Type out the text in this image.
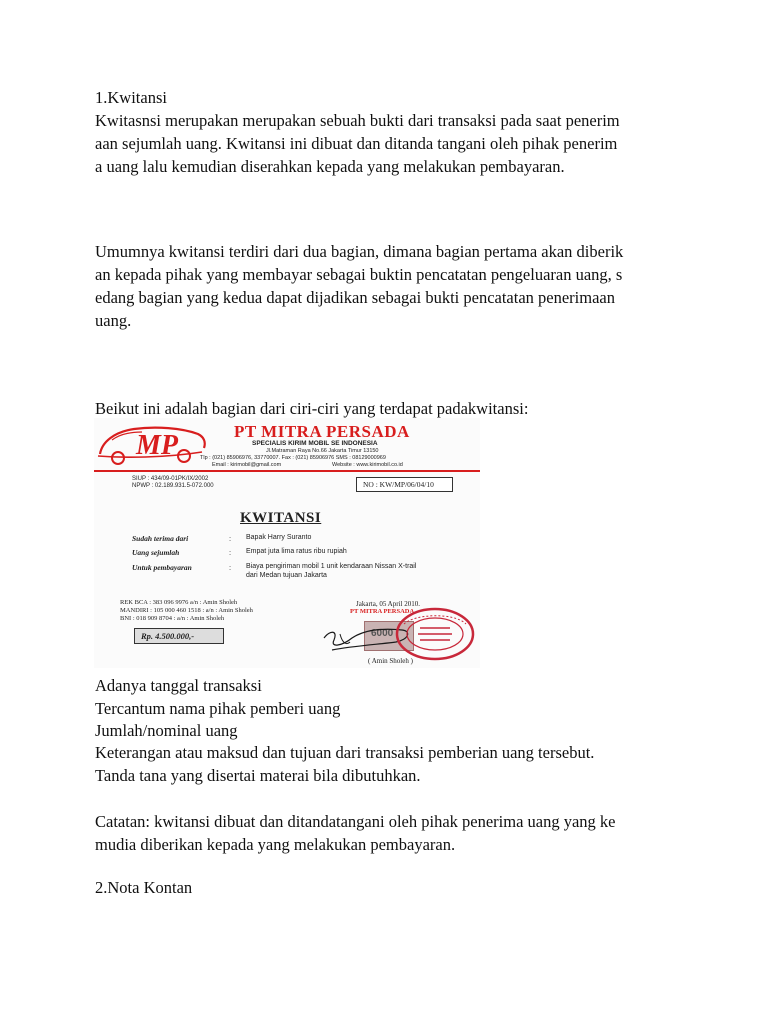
1.Kwitansi
Kwitasnsi merupakan merupakan sebuah bukti dari transaksi pada saat penerim
aan sejumlah uang. Kwitansi ini dibuat dan ditanda tangani oleh pihak penerim
a uang lalu kemudian diserahkan kepada yang melakukan pembayaran.
Umumnya kwitansi terdiri dari dua bagian, dimana bagian pertama akan diberik
an kepada pihak yang membayar sebagai buktin pencatatan pengeluaran uang, s
edang bagian yang kedua dapat dijadikan sebagai bukti pencatatan penerimaan
uang.
Beikut ini adalah bagian dari ciri-ciri yang terdapat padakwitansi:
MP	PT MITRA PERSADA
SPECIALIS KIRIM MOBIL SE INDONESIA
Jl.Matraman Raya No.66 Jakarta Timur 13150
Tlp : (021) 85906976, 33770007. Fax : (021) 85906976 SMS : 08129000969
Email : kirimobil@gmail.com	Website : www.kirimobil.co.id
SIUP : 434/09-01PK/IX/2002
NPWP : 02.189.931.5-072.000	NO : KW/MP/06/04/10
KWITANSI
Sudah terima dari	: Bapak Harry Suranto
Uang sejumlah	: Empat juta lima ratus ribu rupiah
Untuk pembayaran	: Biaya pengiriman mobil 1 unit kendaraan Nissan X-trail
dari Medan tujuan Jakarta
REK BCA : 383 096 9976 a/n : Amin Sholeh
MANDIRI : 105 000 460 1518 : a/n : Amin Sholeh
BNI : 018 909 8704 : a/n : Amin Sholeh
Rp. 4.500.000,-
Jakarta, 05 April 2010.
PT MITRA PERSADA
6000
( Amin Sholeh )
Adanya tanggal transaksi
Tercantum nama pihak pemberi uang
Jumlah/nominal uang
Keterangan atau maksud dan tujuan dari transaksi pemberian uang tersebut.
Tanda tana yang disertai materai bila dibutuhkan.
Catatan: kwitansi dibuat dan ditandatangani oleh pihak penerima uang yang ke
mudia diberikan kepada yang melakukan pembayaran.
2.Nota Kontan
